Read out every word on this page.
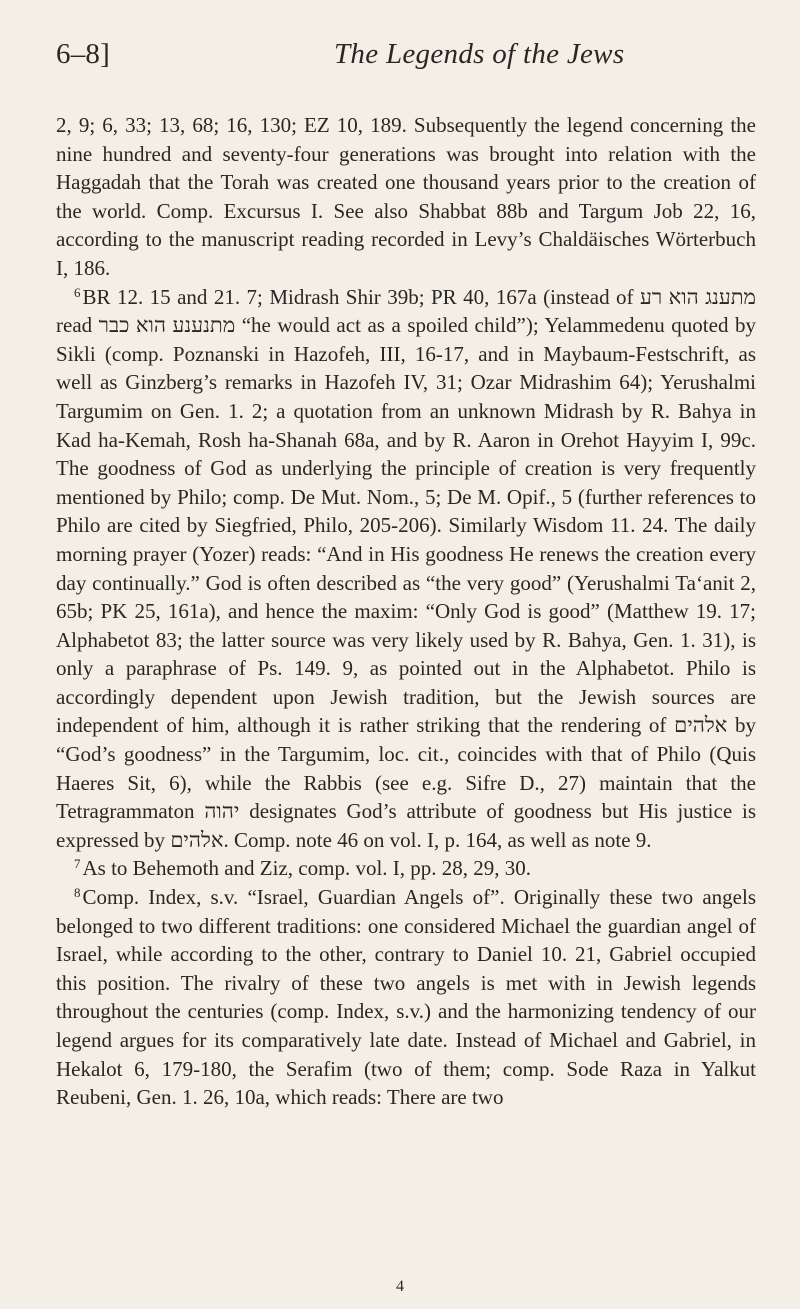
6–8]	The Legends of the Jews

2, 9; 6, 33; 13, 68; 16, 130; EZ 10, 189. Subsequently the legend concerning the nine hundred and seventy-four generations was brought into relation with the Haggadah that the Torah was created one thousand years prior to the creation of the world. Comp. Excursus I. See also Shabbat 88b and Targum Job 22, 16, according to the manuscript reading recorded in Levy’s Chaldäisches Wörterbuch I, 186.

$^6$BR 12. 15 and 21. 7; Midrash Shir 39b; PR 40, 167a (instead of מתענג הוא רע read מתנענע הוא כבר “he would act as a spoiled child”); Yelammedenu quoted by Sikli (comp. Poznanski in Hazofeh, III, 16-17, and in Maybaum-Festschrift, as well as Ginzberg’s remarks in Hazofeh IV, 31; Ozar Midrashim 64); Yerushalmi Targumim on Gen. 1. 2; a quotation from an unknown Midrash by R. Bahya in Kad ha-Kemah, Rosh ha-Shanah 68a, and by R. Aaron in Orehot Hayyim I, 99c. The goodness of God as underlying the principle of creation is very frequently mentioned by Philo; comp. De Mut. Nom., 5; De M. Opif., 5 (further references to Philo are cited by Siegfried, Philo, 205-206). Similarly Wisdom 11. 24. The daily morning prayer (Yozer) reads: “And in His goodness He renews the creation every day continually.” God is often described as “the very good” (Yerushalmi Ta‘anit 2, 65b; PK 25, 161a), and hence the maxim: “Only God is good” (Matthew 19. 17; Alphabetot 83; the latter source was very likely used by R. Bahya, Gen. 1. 31), is only a paraphrase of Ps. 149. 9, as pointed out in the Alphabetot. Philo is accordingly dependent upon Jewish tradition, but the Jewish sources are independent of him, although it is rather striking that the rendering of אלהים by “God’s goodness” in the Targumim, loc. cit., coincides with that of Philo (Quis Haeres Sit, 6), while the Rabbis (see e.g. Sifre D., 27) maintain that the Tetragrammaton יהוה designates God’s attribute of goodness but His justice is expressed by אלהים. Comp. note 46 on vol. I, p. 164, as well as note 9.

$^7$As to Behemoth and Ziz, comp. vol. I, pp. 28, 29, 30.

$^8$Comp. Index, s.v. “Israel, Guardian Angels of”. Originally these two angels belonged to two different traditions: one considered Michael the guardian angel of Israel, while according to the other, contrary to Daniel 10. 21, Gabriel occupied this position. The rivalry of these two angels is met with in Jewish legends throughout the centuries (comp. Index, s.v.) and the harmonizing tendency of our legend argues for its comparatively late date. Instead of Michael and Gabriel, in Hekalot 6, 179-180, the Serafim (two of them; comp. Sode Raza in Yalkut Reubeni, Gen. 1. 26, 10a, which reads: There are two

4
